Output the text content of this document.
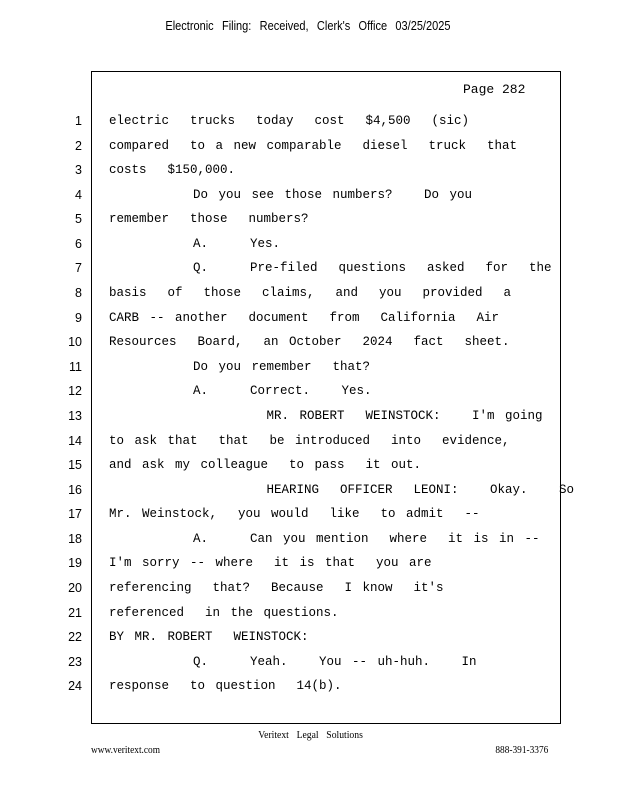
Electronic Filing: Received, Clerk's Office 03/25/2025
Page 282
1 electric  trucks  today  cost  $4,500  (sic)
2 compared  to a new comparable  diesel  truck  that
3 costs  $150,000.
4 Do you see those numbers?   Do you
5 remember  those  numbers?
6 A.    Yes.
7 Q.    Pre-filed  questions  asked  for  the
8 basis  of  those  claims,  and  you  provided  a
9 CARB -- another  document  from  California  Air
10 Resources  Board,  an October  2024  fact  sheet.
11 Do you remember  that?
12 A.    Correct.   Yes.
13 MR. ROBERT  WEINSTOCK:   I'm going
14 to ask that  that  be introduced  into  evidence,
15 and ask my colleague  to pass  it out.
16 HEARING  OFFICER  LEONI:   Okay.   So
17 Mr. Weinstock,  you would  like  to admit  --
18 A.    Can you mention  where  it is in --
19 I'm sorry -- where  it is that  you are
20 referencing  that?  Because  I know  it's
21 referenced  in the questions.
22 BY MR. ROBERT  WEINSTOCK:
23 Q.    Yeah.   You -- uh-huh.   In
24 response  to question  14(b).
Veritext Legal Solutions
www.veritext.com	888-391-3376
